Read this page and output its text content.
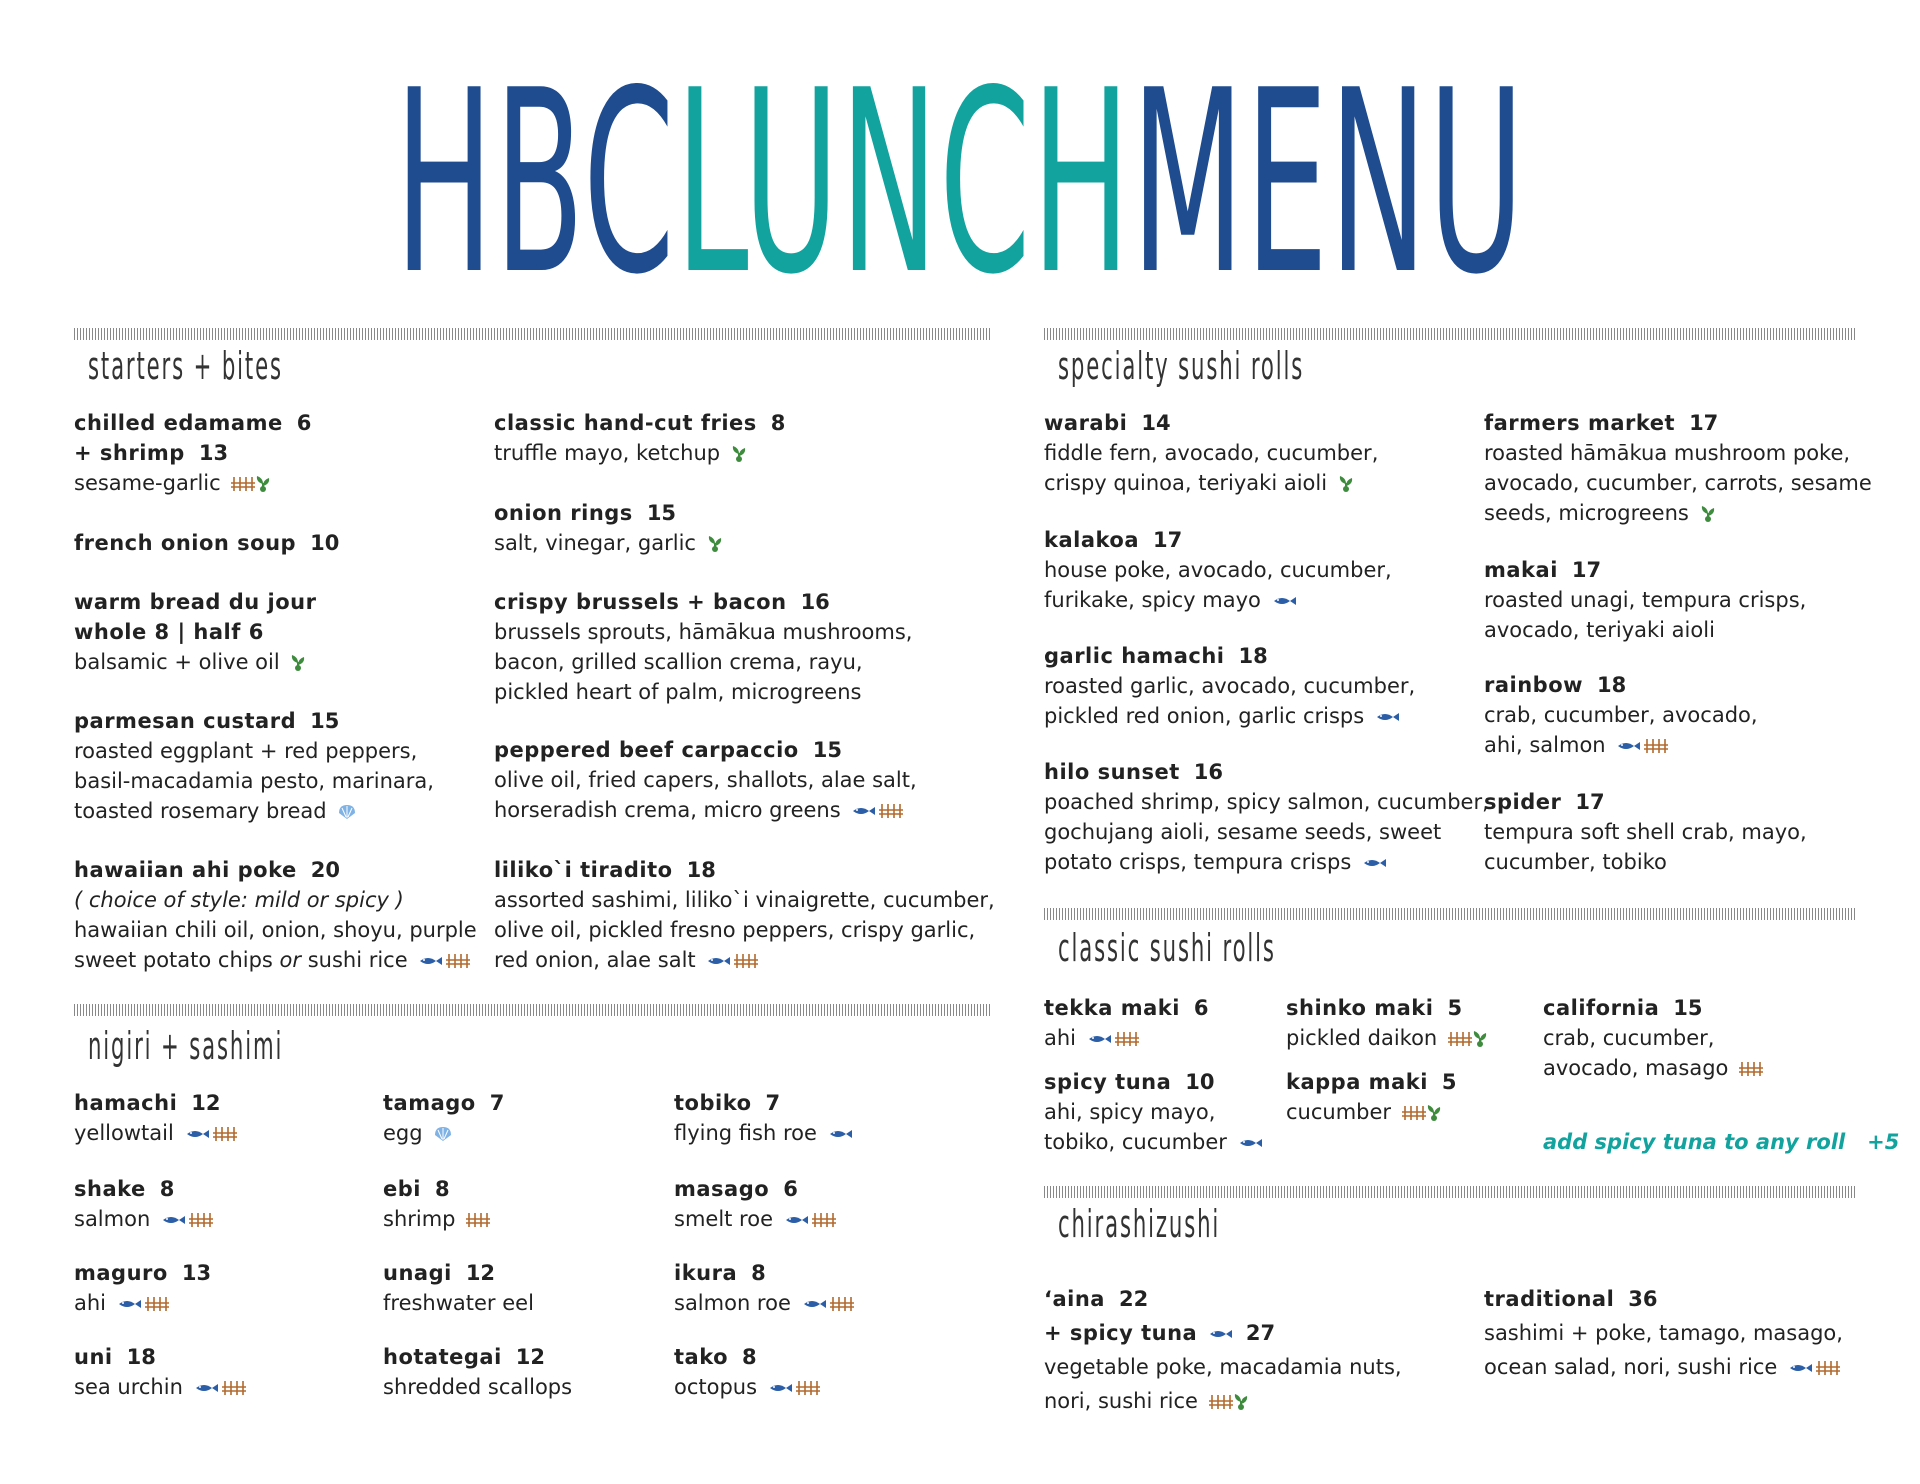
HBCLUNCHMENU
starters + bites	specialty sushi rolls
nigiri + sashimi
classic sushi rolls
chirashizushi
chilled edamame 6
+ shrimp 13
sesame-garlic
french onion soup 10
warm bread du jour
whole 8 | half 6
balsamic + olive oil
parmesan custard 15
roasted eggplant + red peppers,
basil-macadamia pesto, marinara,
toasted rosemary bread
hawaiian ahi poke 20
( choice of style: mild or spicy )
hawaiian chili oil, onion, shoyu, purple
sweet potato chips or sushi rice
classic hand-cut fries 8
truffle mayo, ketchup
onion rings 15
salt, vinegar, garlic
crispy brussels + bacon 16
brussels sprouts, hāmākua mushrooms,
bacon, grilled scallion crema, rayu,
pickled heart of palm, microgreens
peppered beef carpaccio 15
olive oil, fried capers, shallots, alae salt,
horseradish crema, micro greens
liliko`i tiradito 18
assorted sashimi, liliko`i vinaigrette, cucumber,
olive oil, pickled fresno peppers, crispy garlic,
red onion, alae salt
hamachi 12
yellowtail
shake 8
salmon
maguro 13
ahi
uni 18
sea urchin
tamago 7
egg
ebi 8
shrimp
unagi 12
freshwater eel
hotategai 12
shredded scallops
tobiko 7
flying fish roe
masago 6
smelt roe
ikura 8
salmon roe
tako 8
octopus
warabi 14
fiddle fern, avocado, cucumber,
crispy quinoa, teriyaki aioli
kalakoa 17
house poke, avocado, cucumber,
furikake, spicy mayo
garlic hamachi 18
roasted garlic, avocado, cucumber,
pickled red onion, garlic crisps
hilo sunset 16
poached shrimp, spicy salmon, cucumber,
gochujang aioli, sesame seeds, sweet
potato crisps, tempura crisps
farmers market 17
roasted hāmākua mushroom poke,
avocado, cucumber, carrots, sesame
seeds, microgreens
makai 17
roasted unagi, tempura crisps,
avocado, teriyaki aioli
rainbow 18
crab, cucumber, avocado,
ahi, salmon
spider 17
tempura soft shell crab, mayo,
cucumber, tobiko
tekka maki 6
ahi
spicy tuna 10
ahi, spicy mayo,
tobiko, cucumber
shinko maki 5
pickled daikon
kappa maki 5
cucumber
california 15
crab, cucumber,
avocado, masago
add spicy tuna to any roll   +5
‘aina 22
+ spicy tuna 27
vegetable poke, macadamia nuts,
nori, sushi rice
traditional 36
sashimi + poke, tamago, masago,
ocean salad, nori, sushi rice
